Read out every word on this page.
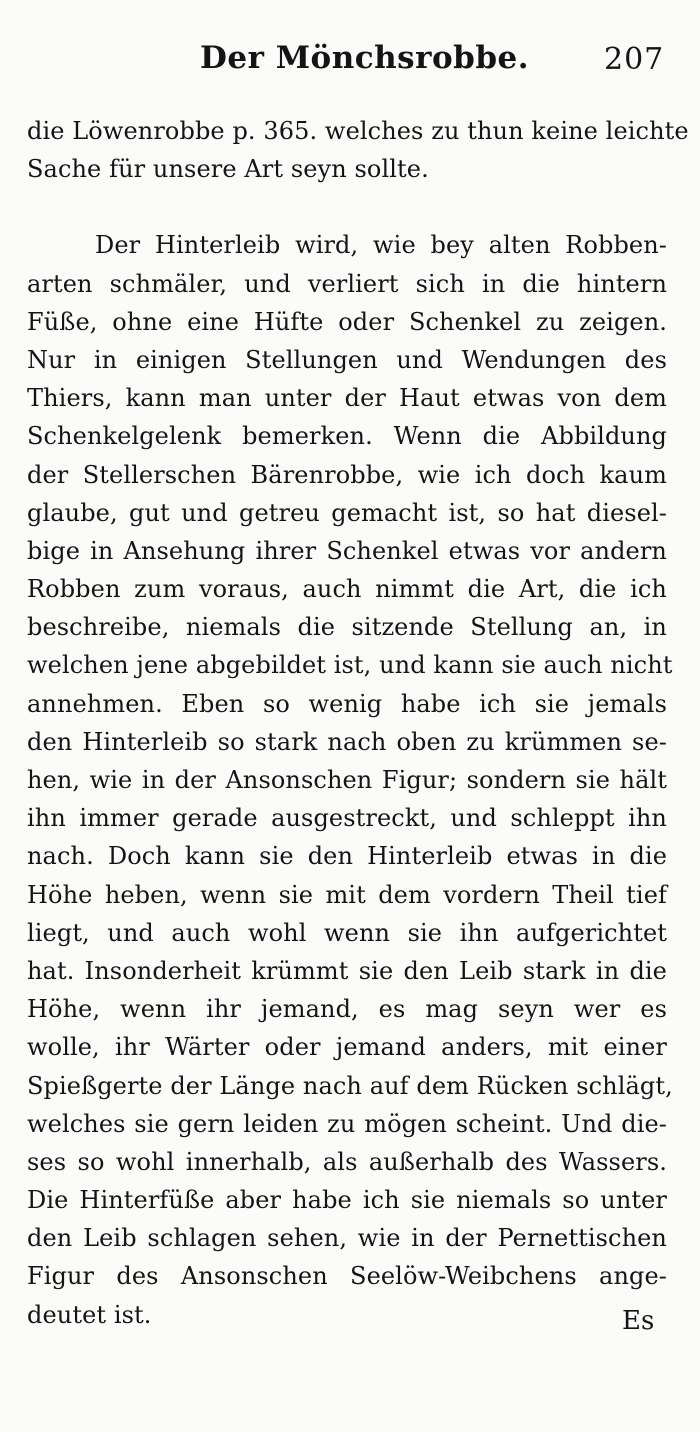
Der Mönchsrobbe. 207
die Löwenrobbe p. 365. welches zu thun keine leichte
Sache für unsere Art seyn sollte.
Der Hinterleib wird, wie bey alten Robben-
arten schmäler, und verliert sich in die hintern
Füße, ohne eine Hüfte oder Schenkel zu zeigen.
Nur in einigen Stellungen und Wendungen des
Thiers, kann man unter der Haut etwas von dem
Schenkelgelenk bemerken. Wenn die Abbildung
der Stellerschen Bärenrobbe, wie ich doch kaum
glaube, gut und getreu gemacht ist, so hat diesel-
bige in Ansehung ihrer Schenkel etwas vor andern
Robben zum voraus, auch nimmt die Art, die ich
beschreibe, niemals die sitzende Stellung an, in
welchen jene abgebildet ist, und kann sie auch nicht
annehmen. Eben so wenig habe ich sie jemals
den Hinterleib so stark nach oben zu krümmen se-
hen, wie in der Ansonschen Figur; sondern sie hält
ihn immer gerade ausgestreckt, und schleppt ihn
nach. Doch kann sie den Hinterleib etwas in die
Höhe heben, wenn sie mit dem vordern Theil tief
liegt, und auch wohl wenn sie ihn aufgerichtet
hat. Insonderheit krümmt sie den Leib stark in die
Höhe, wenn ihr jemand, es mag seyn wer es
wolle, ihr Wärter oder jemand anders, mit einer
Spießgerte der Länge nach auf dem Rücken schlägt,
welches sie gern leiden zu mögen scheint. Und die-
ses so wohl innerhalb, als außerhalb des Wassers.
Die Hinterfüße aber habe ich sie niemals so unter
den Leib schlagen sehen, wie in der Pernettischen
Figur des Ansonschen Seelöw-Weibchens ange-
deutet ist.	Es
